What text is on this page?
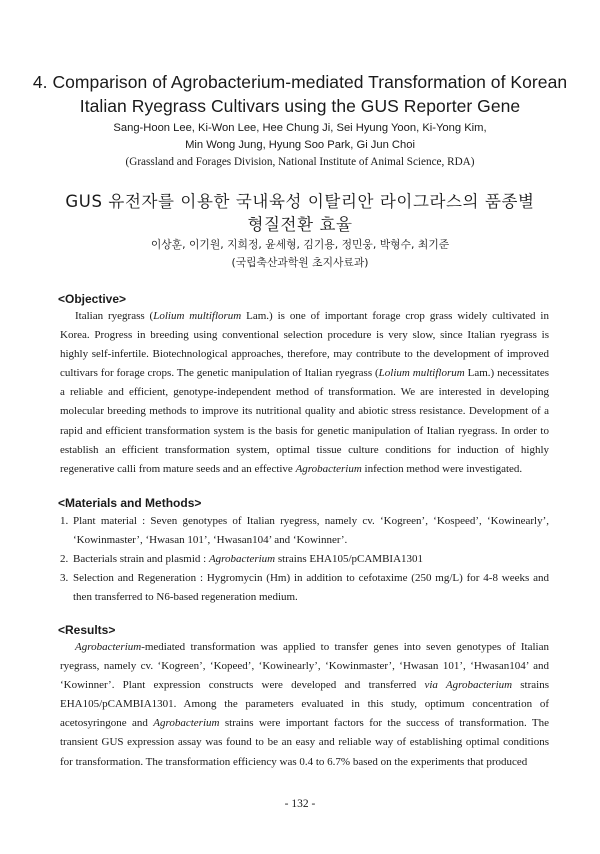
4. Comparison of Agrobacterium-mediated Transformation of Korean
Italian Ryegrass Cultivars using the GUS Reporter Gene
Sang-Hoon Lee, Ki-Won Lee, Hee Chung Ji, Sei Hyung Yoon, Ki-Yong Kim,
Min Wong Jung, Hyung Soo Park, Gi Jun Choi
(Grassland and Forages Division, National Institute of Animal Science, RDA)
GUS 유전자를 이용한 국내육성 이탈리안 라이그라스의 품종별
형질전환 효율
이상훈, 이기원, 지희정, 윤세형, 김기용, 정민웅, 박형수, 최기준
(국립축산과학원 초지사료과)
<Objective>

Italian ryegrass (Lolium multiflorum Lam.) is one of important forage crop grass widely cultivated in Korea. Progress in breeding using conventional selection procedure is very slow, since Italian ryegrass is highly self-infertile. Biotechnological approaches, therefore, may contribute to the development of improved cultivars for forage crops. The genetic manipulation of Italian ryegrass (Lolium multiflorum Lam.) necessitates a reliable and efficient, genotype-independent method of transformation. We are interested in developing molecular breeding methods to improve its nutritional quality and abiotic stress resistance. Development of a rapid and efficient transformation system is the basis for genetic manipulation of Italian ryegrass. In order to establish an efficient transformation system, optimal tissue culture conditions for induction of highly regenerative calli from mature seeds and an effective Agrobacterium infection method were investigated.

<Materials and Methods>
1. Plant material : Seven genotypes of Italian ryegress, namely cv. ‘Kogreen’, ‘Kospeed’, ‘Kowinearly’, ‘Kowinmaster’, ‘Hwasan 101’, ‘Hwasan104’ and ‘Kowinner’.
2. Bacterials strain and plasmid : Agrobacterium strains EHA105/pCAMBIA1301
3. Selection and Regeneration : Hygromycin (Hm) in addition to cefotaxime (250 mg/L) for 4-8 weeks and then transferred to N6-based regeneration medium.
<Results>

Agrobacterium-mediated transformation was applied to transfer genes into seven genotypes of Italian ryegrass, namely cv. ‘Kogreen’, ‘Kopeed’, ‘Kowinearly’, ‘Kowinmaster’, ‘Hwasan 101’, ‘Hwasan104’ and ‘Kowinner’. Plant expression constructs were developed and transferred via Agrobacterium strains EHA105/pCAMBIA1301. Among the parameters evaluated in this study, optimum concentration of acetosyringone and Agrobacterium strains were important factors for the success of transformation. The transient GUS expression assay was found to be an easy and reliable way of establishing optimal conditions for transformation. The transformation efficiency was 0.4 to 6.7% based on the experiments that produced

- 132 -
